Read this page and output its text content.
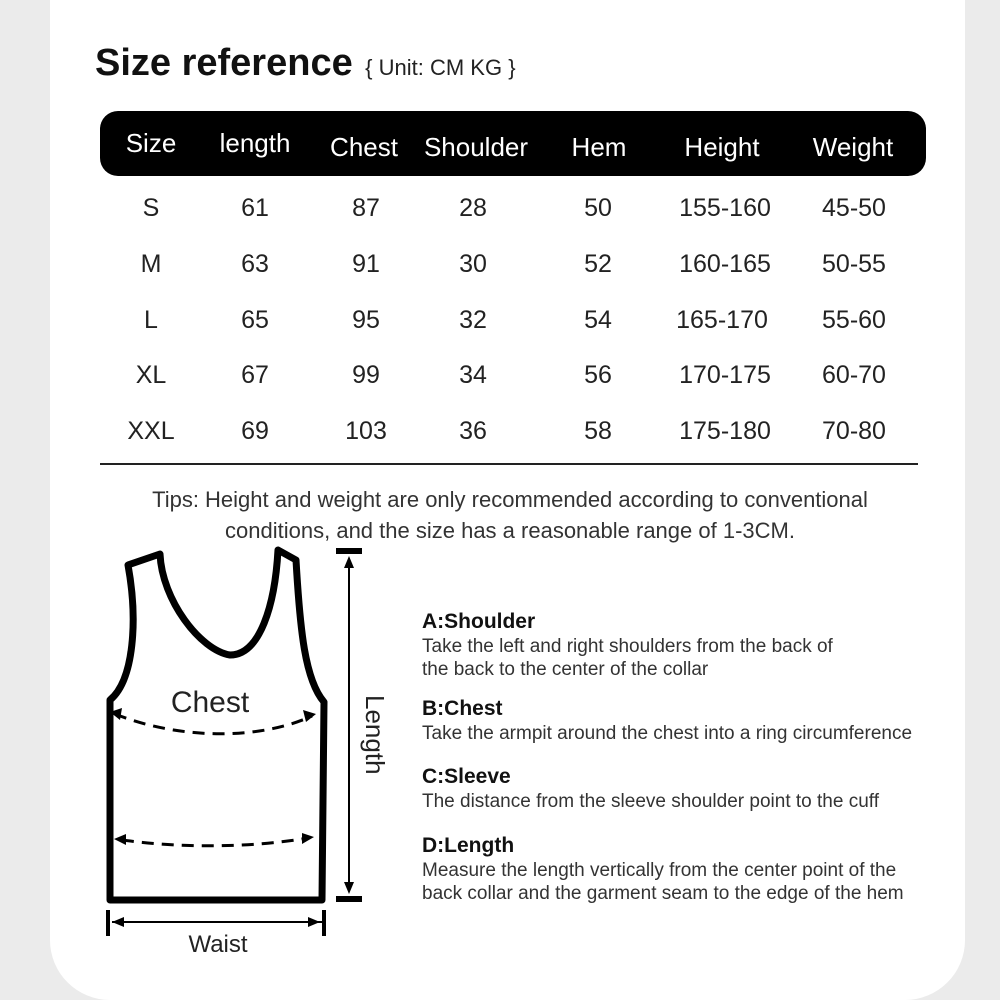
Size reference { Unit: CM KG }
Size length Chest Shoulder Hem Height Weight
S	61	87	28	50	155-160 45-50
M	63	91	30	52	160-165 50-55
L	65	95	32	54	165-170 55-60
XL	67	99	34	56	170-175 60-70
XXL	69	103	36	58	175-180 70-80
Tips: Height and weight are only recommended according to conventional
conditions, and the size has a reasonable range of 1-3CM.
Chest	Length
Waist
A:Shoulder
Take the left and right shoulders from the back of
the back to the center of the collar
B:Chest
Take the armpit around the chest into a ring circumference
C:Sleeve
The distance from the sleeve shoulder point to the cuff
D:Length
Measure the length vertically from the center point of the
back collar and the garment seam to the edge of the hem
